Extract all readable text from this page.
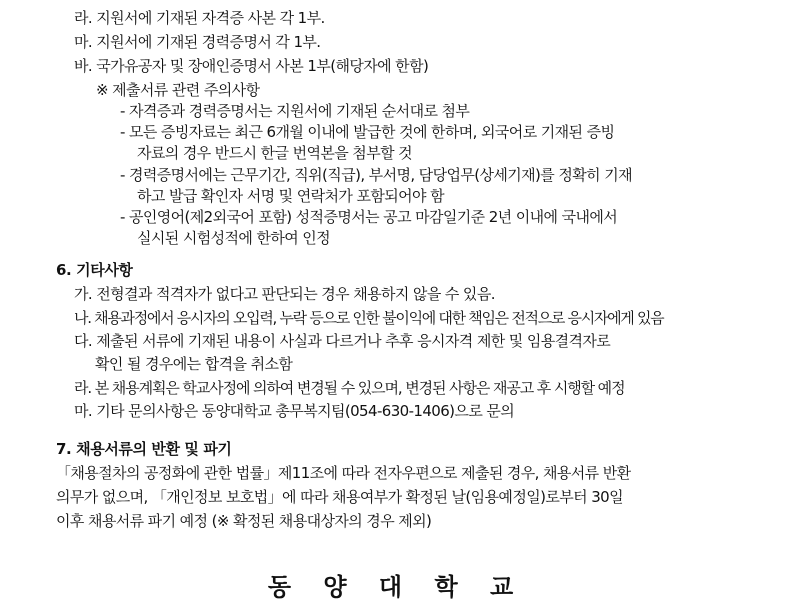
라. 지원서에 기재된 자격증 사본 각 1부.
마. 지원서에 기재된 경력증명서 각 1부.
바. 국가유공자 및 장애인증명서 사본 1부(해당자에 한함)
※ 제출서류 관련 주의사항
- 자격증과 경력증명서는 지원서에 기재된 순서대로 첨부
- 모든 증빙자료는 최근 6개월 이내에 발급한 것에 한하며, 외국어로 기재된 증빙
자료의 경우 반드시 한글 번역본을 첨부할 것
- 경력증명서에는 근무기간, 직위(직급), 부서명, 담당업무(상세기재)를 정확히 기재
하고 발급 확인자 서명 및 연락처가 포함되어야 함
- 공인영어(제2외국어 포함) 성적증명서는 공고 마감일기준 2년 이내에 국내에서
실시된 시험성적에 한하여 인정
6. 기타사항
가. 전형결과 적격자가 없다고 판단되는 경우 채용하지 않을 수 있음.
나. 채용과정에서 응시자의 오입력, 누락 등으로 인한 불이익에 대한 책임은 전적으로 응시자에게 있음
다. 제출된 서류에 기재된 내용이 사실과 다르거나 추후 응시자격 제한 및 임용결격자로
확인 될 경우에는 합격을 취소함
라. 본 채용계획은 학교사정에 의하여 변경될 수 있으며, 변경된 사항은 재공고 후 시행할 예정
마. 기타 문의사항은 동양대학교 총무복지팀(054-630-1406)으로 문의
7. 채용서류의 반환 및 파기
「채용절차의 공정화에 관한 법률」제11조에 따라 전자우편으로 제출된 경우, 채용서류 반환
의무가 없으며, 「개인정보 보호법」에 따라 채용여부가 확정된 날(임용예정일)로부터 30일
이후 채용서류 파기 예정 (※ 확정된 채용대상자의 경우 제외)
동 양 대 학 교
